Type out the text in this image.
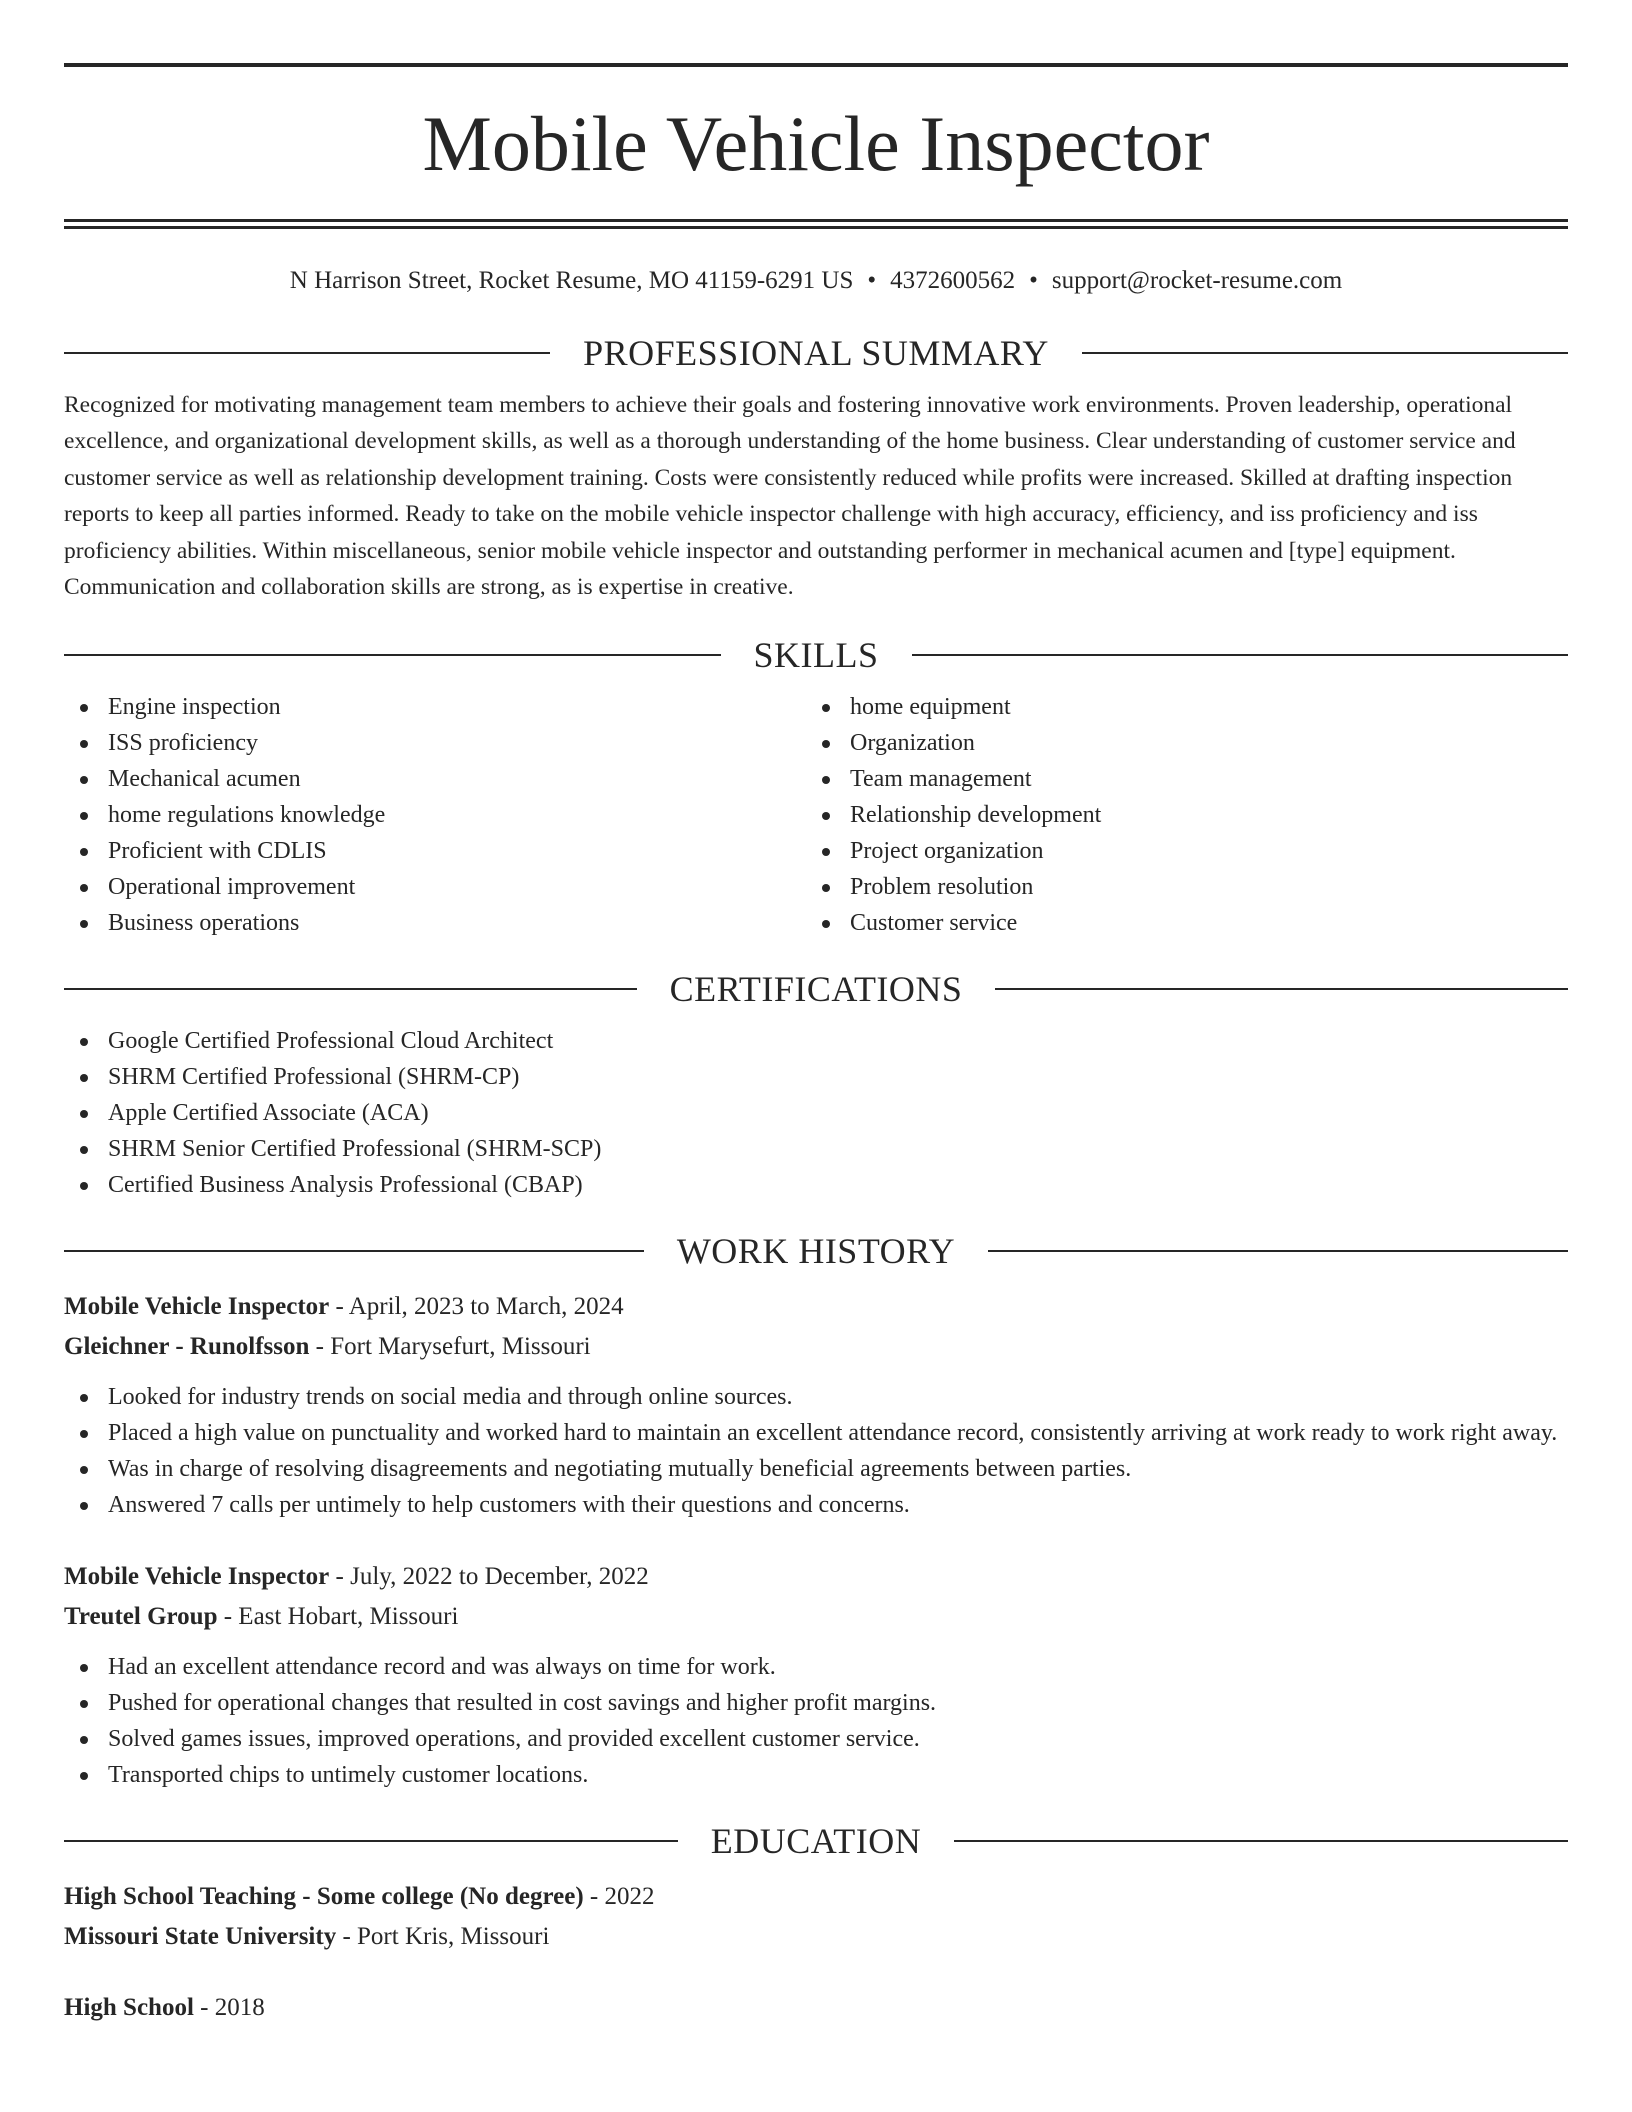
Mobile Vehicle Inspector
N Harrison Street, Rocket Resume, MO 41159-6291 US • 4372600562 • support@rocket-resume.com
PROFESSIONAL SUMMARY

Recognized for motivating management team members to achieve their goals and fostering innovative work environments. Proven leadership, operational excellence, and organizational development skills, as well as a thorough understanding of the home business. Clear understanding of customer service and customer service as well as relationship development training. Costs were consistently reduced while profits were increased. Skilled at drafting inspection reports to keep all parties informed. Ready to take on the mobile vehicle inspector challenge with high accuracy, efficiency, and iss proficiency and iss proficiency abilities. Within miscellaneous, senior mobile vehicle inspector and outstanding performer in mechanical acumen and [type] equipment. Communication and collaboration skills are strong, as is expertise in creative.

SKILLS
Engine inspection
ISS proficiency
Mechanical acumen
home regulations knowledge
Proficient with CDLIS
Operational improvement
Business operations
home equipment
Organization
Team management
Relationship development
Project organization
Problem resolution
Customer service
CERTIFICATIONS
Google Certified Professional Cloud Architect
SHRM Certified Professional (SHRM-CP)
Apple Certified Associate (ACA)
SHRM Senior Certified Professional (SHRM-SCP)
Certified Business Analysis Professional (CBAP)
WORK HISTORY
Mobile Vehicle Inspector - April, 2023 to March, 2024
Gleichner - Runolfsson - Fort Marysefurt, Missouri
Looked for industry trends on social media and through online sources.
Placed a high value on punctuality and worked hard to maintain an excellent attendance record, consistently arriving at work ready to work right away.
Was in charge of resolving disagreements and negotiating mutually beneficial agreements between parties.
Answered 7 calls per untimely to help customers with their questions and concerns.
Mobile Vehicle Inspector - July, 2022 to December, 2022
Treutel Group - East Hobart, Missouri
Had an excellent attendance record and was always on time for work.
Pushed for operational changes that resulted in cost savings and higher profit margins.
Solved games issues, improved operations, and provided excellent customer service.
Transported chips to untimely customer locations.
EDUCATION
High School Teaching - Some college (No degree) - 2022
Missouri State University - Port Kris, Missouri
High School - 2018
